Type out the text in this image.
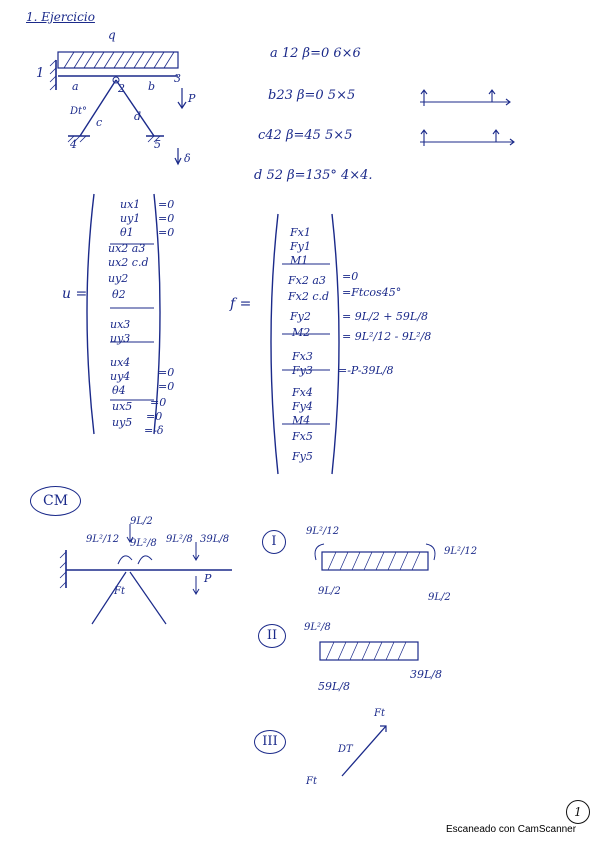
1. Ejercicio
q
1
2
3
4	5
a	b
c	d
Dt°
P
δ
a 12 β=0 6×6
b23 β=0 5×5
c42 β=45 5×5
d 52 β=135° 4×4.
u =
ux1 =0
uy1 =0
θ1 =0
ux2 a3
ux2 c.d
uy2
θ2
ux3
uy3
ux4
uy4	=0
θ4	=0
ux5 =0
uy5 =0
=-δ
f =
Fx1
Fy1
M1
Fx2 a3 =0
Fx2 c.d =Ftcos45°
Fy2	= 9L/2 + 59L/8
M2	= 9L²/12 - 9L²/8
Fx3
Fy3 =-P-39L/8
Fx4
Fy4
M4
Fx5
Fy5
CM
9L²/12
9L/2
9L²/8 9L²/8 39L/8
P
Ft
I
9L²/12
9L²/12
9L/2
9L/2
II
9L²/8
59L/8
39L/8
III
DT
Ft
Ft
1
Escaneado con CamScanner
